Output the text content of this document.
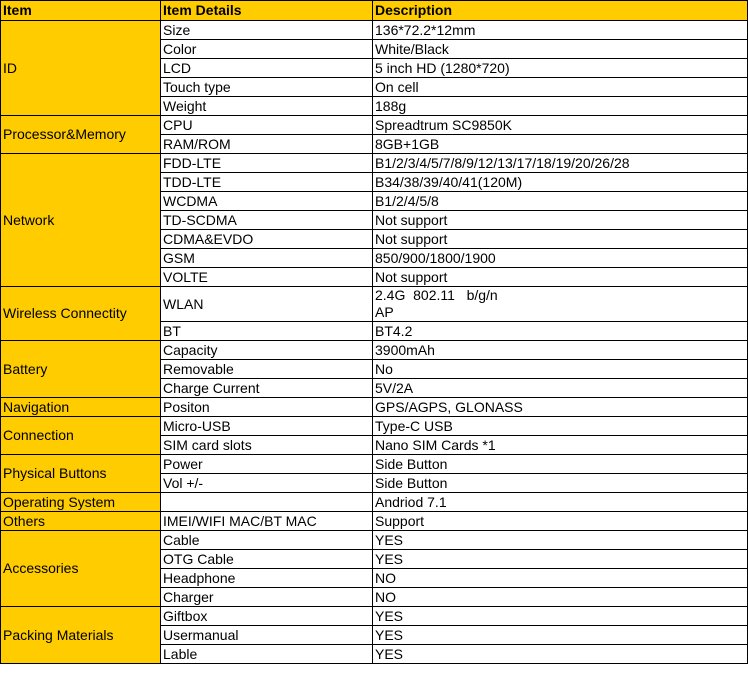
Item	Item Details	Description
ID	Size	136*72.2*12mm
	Color	White/Black
	LCD	5 inch HD (1280*720)
	Touch type	On cell
	Weight	188g
Processor&Memory	CPU	Spreadtrum SC9850K
	RAM/ROM	8GB+1GB
Network	FDD-LTE	B1/2/3/4/5/7/8/9/12/13/17/18/19/20/26/28
	TDD-LTE	B34/38/39/40/41(120M)
	WCDMA	B1/2/4/5/8
	TD-SCDMA	Not support
	CDMA&EVDO	Not support
	GSM	850/900/1800/1900
	VOLTE	Not support
Wireless Connectity	WLAN	2.4G  802.11   b/g/n
AP

	BT	BT4.2
Battery	Capacity	3900mAh
	Removable	No
	Charge Current	5V/2A
Navigation	Positon	GPS/AGPS, GLONASS
Connection	Micro-USB	Type-C USB
	SIM card slots	Nano SIM Cards *1
Physical Buttons	Power	Side Button
	Vol +/-	Side Button
Operating System		Andriod 7.1
Others	IMEI/WIFI MAC/BT MAC	Support
Accessories	Cable	YES
	OTG Cable	YES
	Headphone	NO
	Charger	NO
Packing Materials	Giftbox	YES
	Usermanual	YES
	Lable	YES
